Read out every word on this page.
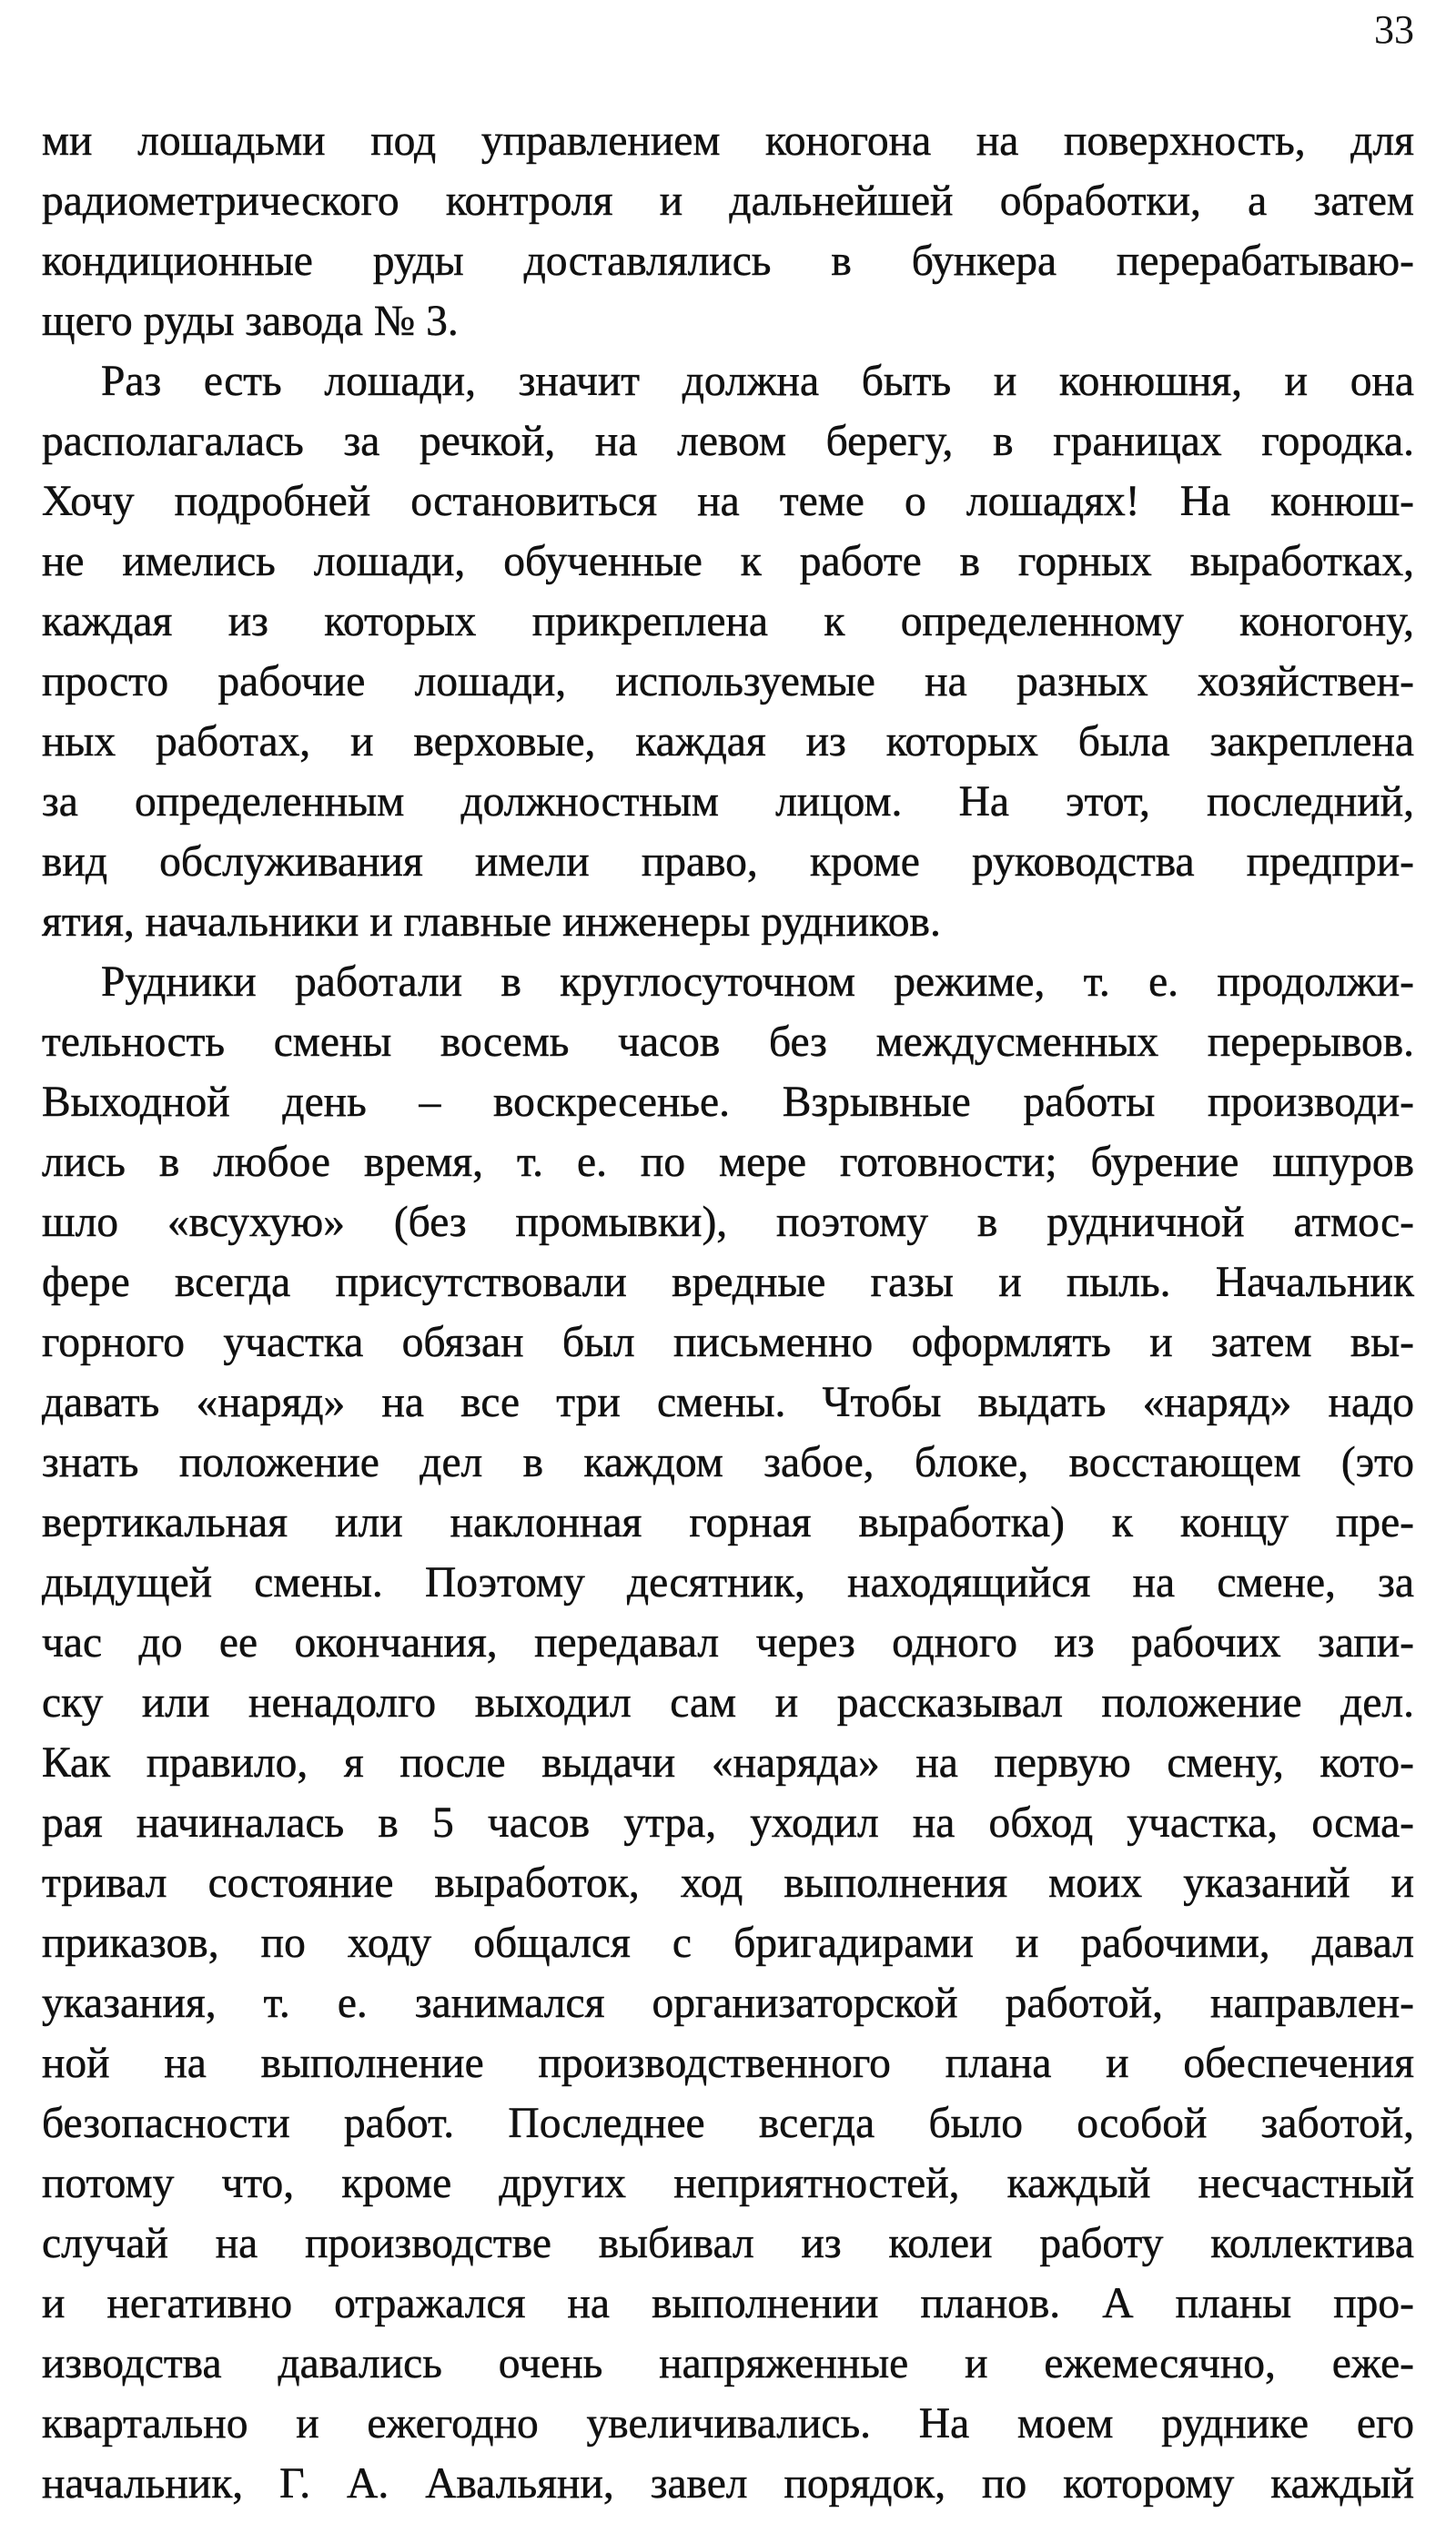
33
ми лошадьми под управлением коногона на поверхность, для
радиометрического контроля и дальнейшей обработки, а затем
кондиционные руды доставлялись в бункера перерабатываю-
щего руды завода № 3.
Раз есть лошади, значит должна быть и конюшня, и она
располагалась за речкой, на левом берегу, в границах городка.
Хочу подробней остановиться на теме о лошадях! На конюш-
не имелись лошади, обученные к работе в горных выработках,
каждая из которых прикреплена к определенному коногону,
просто рабочие лошади, используемые на разных хозяйствен-
ных работах, и верховые, каждая из которых была закреплена
за определенным должностным лицом. На этот, последний,
вид обслуживания имели право, кроме руководства предпри-
ятия, начальники и главные инженеры рудников.
Рудники работали в круглосуточном режиме, т. е. продолжи-
тельность смены восемь часов без междусменных перерывов.
Выходной день – воскресенье. Взрывные работы производи-
лись в любое время, т. е. по мере готовности; бурение шпуров
шло «всухую» (без промывки), поэтому в рудничной атмос-
фере всегда присутствовали вредные газы и пыль. Начальник
горного участка обязан был письменно оформлять и затем вы-
давать «наряд» на все три смены. Чтобы выдать «наряд» надо
знать положение дел в каждом забое, блоке, восстающем (это
вертикальная или наклонная горная выработка) к концу пре-
дыдущей смены. Поэтому десятник, находящийся на смене, за
час до ее окончания, передавал через одного из рабочих запи-
ску или ненадолго выходил сам и рассказывал положение дел.
Как правило, я после выдачи «наряда» на первую смену, кото-
рая начиналась в 5 часов утра, уходил на обход участка, осма-
тривал состояние выработок, ход выполнения моих указаний и
приказов, по ходу общался с бригадирами и рабочими, давал
указания, т. е. занимался организаторской работой, направлен-
ной на выполнение производственного плана и обеспечения
безопасности работ. Последнее всегда было особой заботой,
потому что, кроме других неприятностей, каждый несчастный
случай на производстве выбивал из колеи работу коллектива
и негативно отражался на выполнении планов. А планы про-
изводства давались очень напряженные и ежемесячно, еже-
квартально и ежегодно увеличивались. На моем руднике его
начальник, Г. А. Авальяни, завел порядок, по которому каждый
